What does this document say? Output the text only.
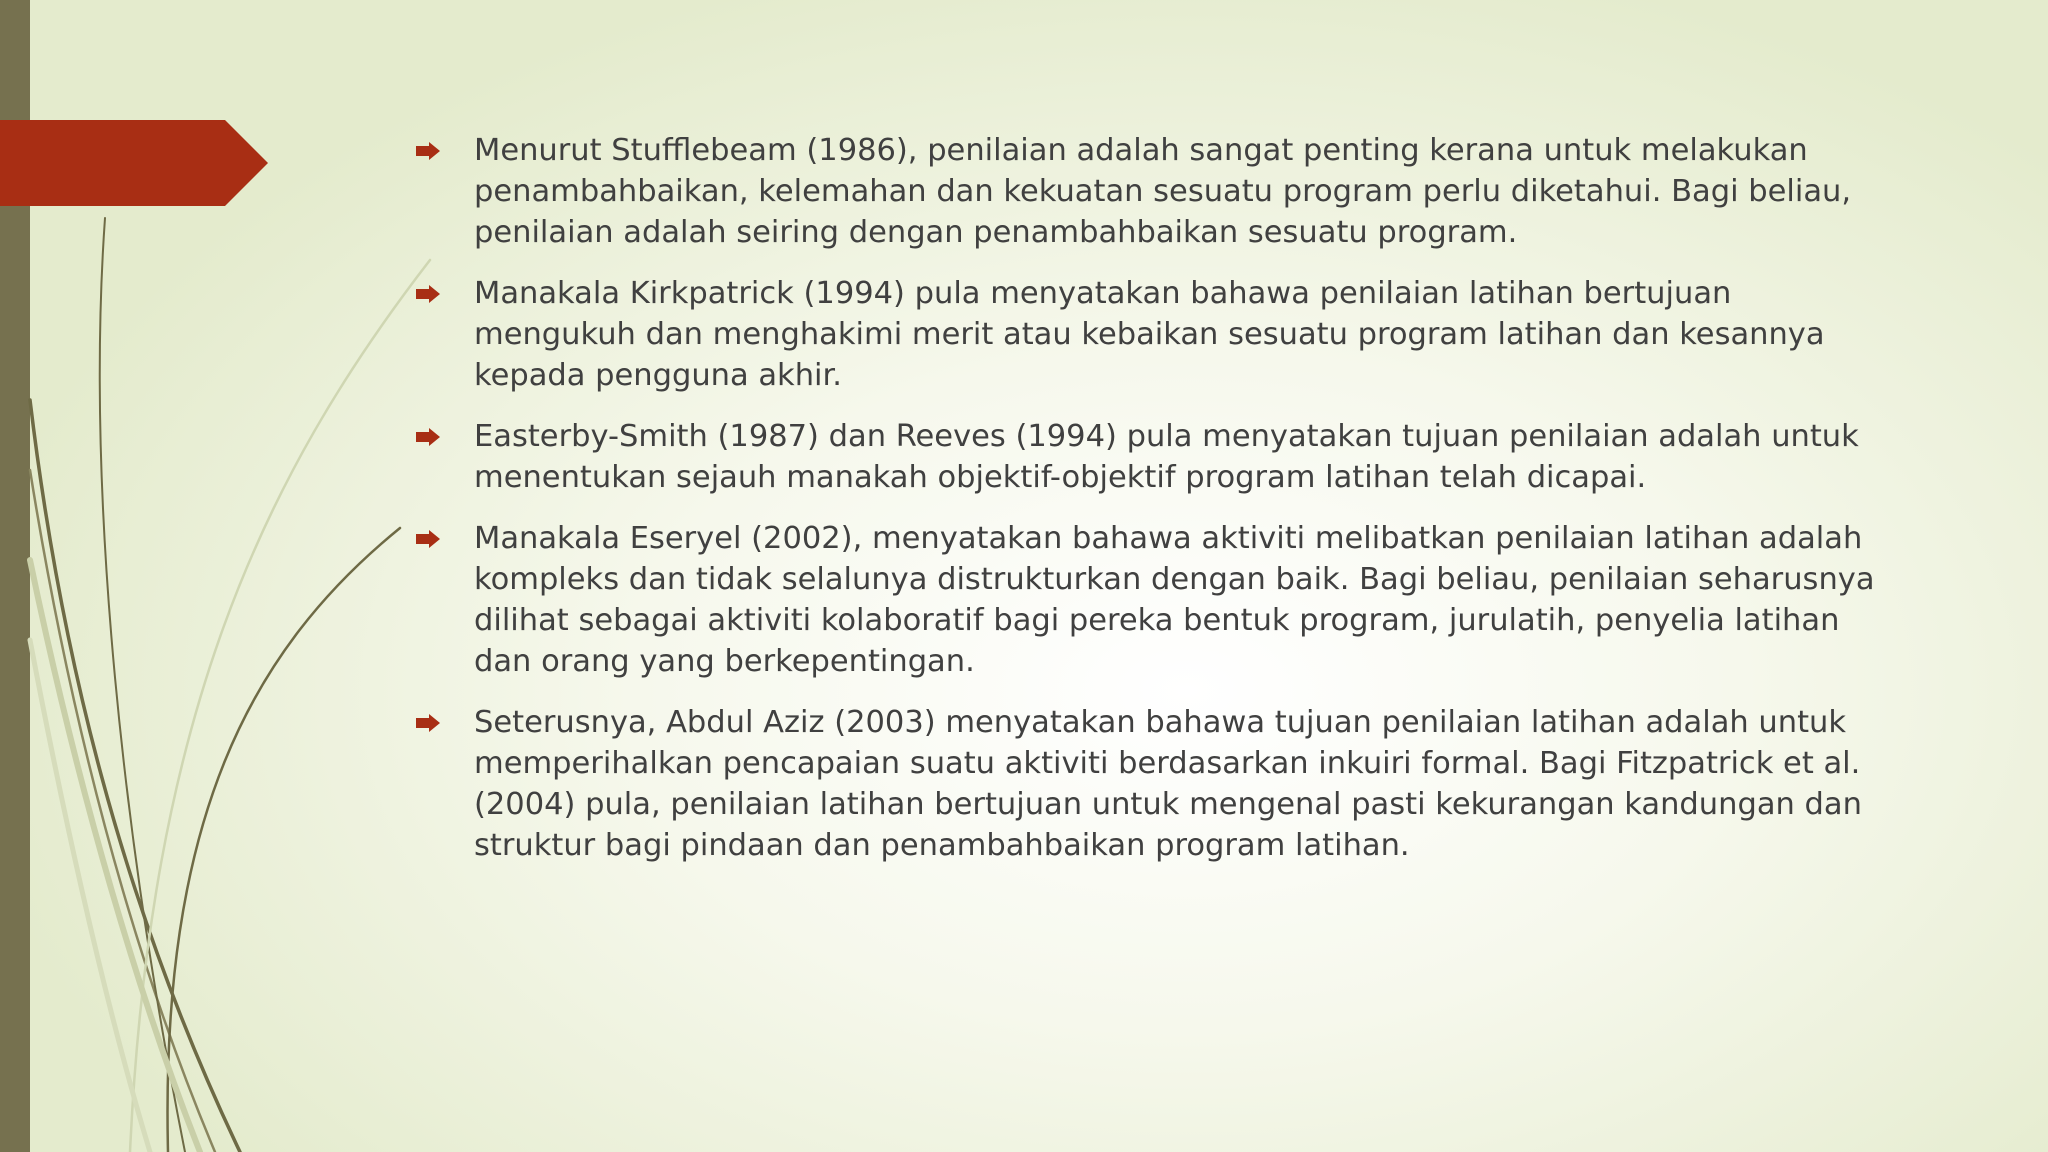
Menurut Stufflebeam (1986), penilaian adalah sangat penting kerana untuk melakukan penambahbaikan, kelemahan dan kekuatan sesuatu program perlu diketahui. Bagi beliau, penilaian adalah seiring dengan penambahbaikan sesuatu program.
Manakala Kirkpatrick (1994) pula menyatakan bahawa penilaian latihan bertujuan mengukuh dan menghakimi merit atau kebaikan sesuatu program latihan dan kesannya kepada pengguna akhir.
Easterby-Smith (1987) dan Reeves (1994) pula menyatakan tujuan penilaian adalah untuk menentukan sejauh manakah objektif-objektif program latihan telah dicapai.
Manakala Eseryel (2002), menyatakan bahawa aktiviti melibatkan penilaian latihan adalah kompleks dan tidak selalunya distrukturkan dengan baik. Bagi beliau, penilaian seharusnya dilihat sebagai aktiviti kolaboratif bagi pereka bentuk program, jurulatih, penyelia latihan dan orang yang berkepentingan.
Seterusnya, Abdul Aziz (2003) menyatakan bahawa tujuan penilaian latihan adalah untuk memperihalkan pencapaian suatu aktiviti berdasarkan inkuiri formal. Bagi Fitzpatrick et al. (2004) pula, penilaian latihan bertujuan untuk mengenal pasti kekurangan kandungan dan struktur bagi pindaan dan penambahbaikan program latihan.
